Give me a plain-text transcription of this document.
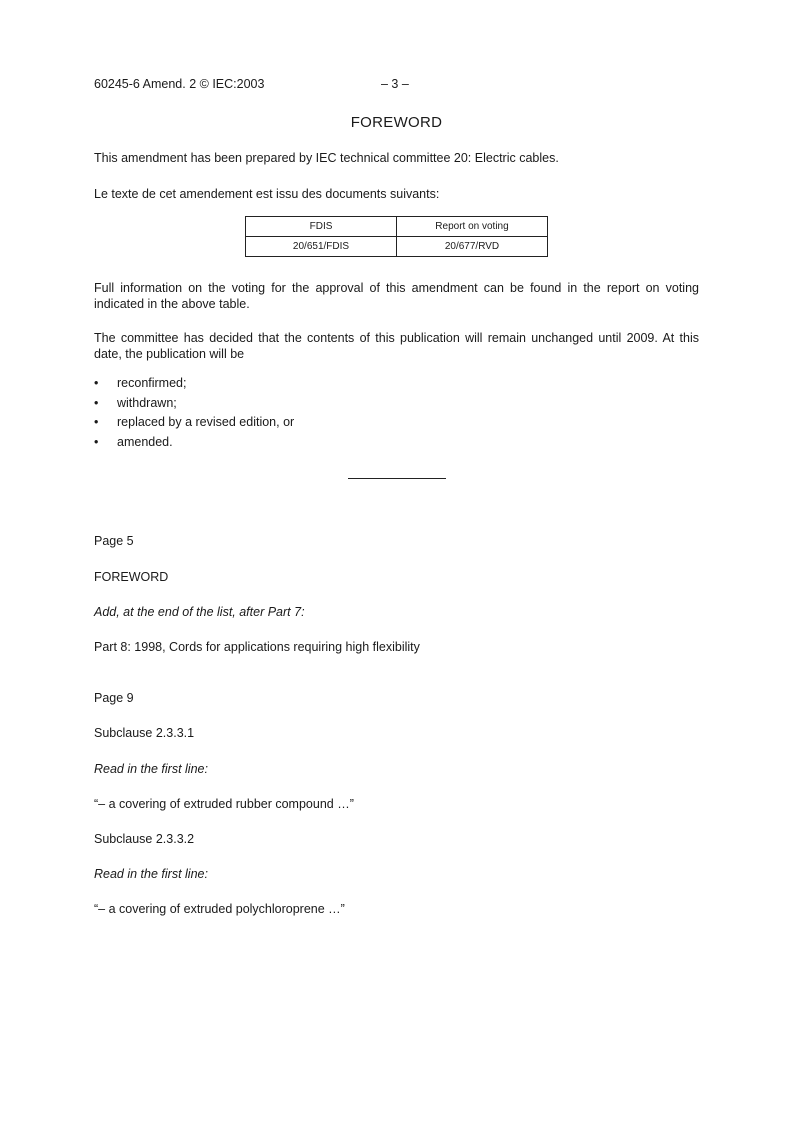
60245-6 Amend. 2 © IEC:2003	– 3 –
FOREWORD
This amendment has been prepared by IEC technical committee 20: Electric cables.
Le texte de cet amendement est issu des documents suivants:
FDIS	Report on voting
20/651/FDIS	20/677/RVD
Full information on the voting for the approval of this amendment can be found in the report on voting indicated in the above table.
The committee has decided that the contents of this publication will remain unchanged until 2009. At this date, the publication will be
• reconfirmed;
• withdrawn;
• replaced by a revised edition, or
• amended.
Page 5
FOREWORD
Add, at the end of the list, after Part 7:
Part 8: 1998, Cords for applications requiring high flexibility
Page 9
Subclause 2.3.3.1
Read in the first line:
“– a covering of extruded rubber compound …”
Subclause 2.3.3.2
Read in the first line:
“– a covering of extruded polychloroprene …”
